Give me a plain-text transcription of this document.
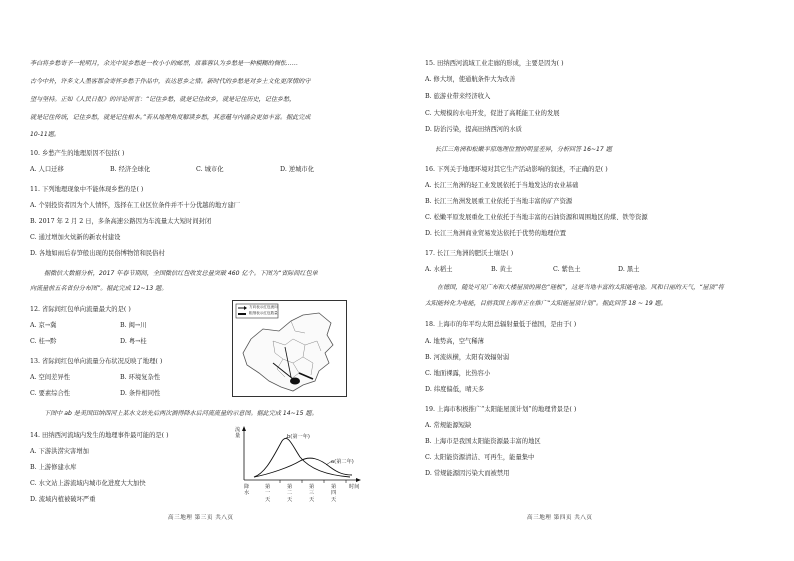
李白将乡愁寄予一轮明月，余光中说乡愁是一枚小小的邮票，席慕蓉认为乡愁是一种模糊的惆怅……
古今中外，许多文人墨客都会寄怀乡愁于作品中，表达思乡之情。新时代的乡愁是对乡土文化更深情的守
望与坚持。正如《人民日报》的评论所言：“记住乡愁，就是记住故乡，就是记住历史，记住乡愁，
就是记住传统，记住乡愁，就是记住根本。”若从地理角度解读乡愁，其意蕴与内涵会更加丰富。据此完成
10-11题。
10. 乡愁产生的地理原因不包括( )
A. 人口迁移	B. 经济全球化	C. 城市化	D. 逆城市化
11. 下列地理现象中不能体现乡愁的是( )
A. 个别投资者因为个人情怀，选择在工业区位条件并不十分优越的地方建厂
B. 2017 年 2 月 2 日，多条高速公路因为车流量太大短时间封闭
C. 通过增加火炕新的新农村建设
D. 各地如雨后春笋般出现的民俗博物馆和民俗村
据微信大数据分析，2017 年春节期间，全国微信红包收发总量突破 460 亿个。下图为“省际间红包单
向流量前五名省份分布图”。据此完成 12~13 题。
12. 省际间红包单向流量最大的是( )
A. 京→冀	B. 闽→川
C. 桂→黔	D. 粤→桂
13. 省际间红包单向流量分布状况反映了地理( )
A. 空间差异性	B. 环境复杂性
C. 要素综合性	D. 条件相同性
方向表示红包流向
粗细表示红包数量
下图中 ab 是美国田纳西河上某水文站先后两次测得降水后河流流量的示意图。据此完成 14~15 题。
14. 田纳西河流域内发生的地理事件最可能的是( )
A. 下游洪涝灾害增加
B. 上游修建水库
C. 水文站上游流域内城市化进度大大加快
D. 流域内植被破坏严重
流量	b(第一年)
a(第二年)
降水
第一天
第二天
第三天
第四天
时间
高三地理 第三页 共八页
15. 田纳西河流域工业走廊的形成，主要是因为( )
A. 修大坝，使通航条件大为改善
B. 旅游业带来经济收入
C. 大规模的水电开发，促进了高耗能工业的发展
D. 防治污染，提高田纳西河的水质
长江三角洲和松嫩平原地理位置的明显差异，分析回答 16~17 题
16. 下列关于地理环境对其它生产活动影响的叙述，不正确的是( )
A. 长江三角洲的轻工业发展依托于当地发达的农业基础
B. 长江三角洲发展重工业依托于当地丰富的矿产资源
C. 松嫩平原发展重化工业依托于当地丰富的石油资源和周围地区的煤、铁等资源
D. 长江三角洲商业贸易发达依托于优势的地理位置
17. 长江三角洲的肥沃土壤是( )
A. 水稻土	B. 黄土	C. 紫色土	D. 黑土
在德国，随处可见广布和大楼屋顶的黑色“硅板”，这是当地丰富的太阳能电池。风和日丽的天气，“屋顶”将
太阳能转化为电能，目前我国上海市正在推广“太阳能屋顶计划”。据此回答 18 ~ 19 题。
18. 上海市的年平均太阳总辐射量低于德国，是由于( )
A. 地势高，空气稀薄
B. 河流纵横，太阳有效辐射弱
C. 地面裸露，比热容小
D. 纬度偏低，晴天多
19. 上海市积极推广“太阳能屋顶计划”的地理背景是( )
A. 常规能源短缺
B. 上海市是我国太阳能资源最丰富的地区
C. 太阳能资源清洁、可再生，能量集中
D. 常规能源因污染大而被禁用
高三地理 第四页 共八页
